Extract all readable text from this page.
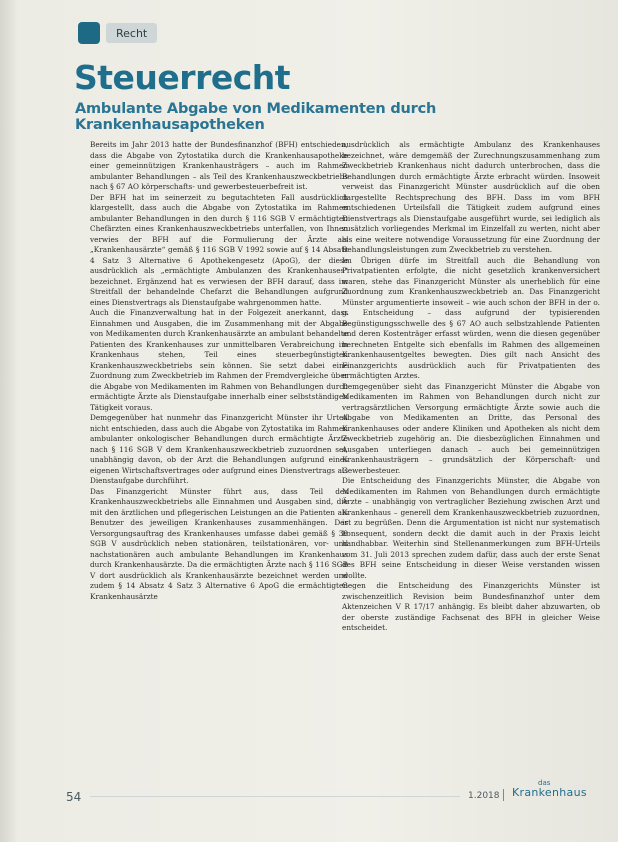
Recht
Steuerrecht
Ambulante Abgabe von Medikamenten durch Krankenhausapotheken

Bereits im Jahr 2013 hatte der Bundesfinanzhof (BFH) entschieden, dass die Abgabe von Zytostatika durch die Krankenhausapotheke einer gemeinnützigen Krankenhausträgers – auch im Rahmen ambulanter Behandlungen – als Teil des Krankenhauszweckbetriebs nach § 67 AO körperschafts- und gewerbesteuerbefreit ist.

Der BFH hat im seinerzeit zu begutachteten Fall ausdrücklich klargestellt, dass auch die Abgabe von Zytostatika im Rahmen ambulanter Behandlungen in den durch § 116 SGB V ermächtigten Chefärzten eines Krankenhauszweckbetriebs unterfallen, von Ihnen verwies der BFH auf die Formulierung der Ärzte als „Krankenhausärzte“ gemäß § 116 SGB V 1992 sowie auf § 14 Absatz 4 Satz 3 Alternative 6 Apothekengesetz (ApoG), der diese ausdrücklich als „ermächtigte Ambulanzen des Krankenhauses“ bezeichnet. Ergänzend hat es verwiesen der BFH darauf, dass im Streitfall der behandelnde Chefarzt die Behandlungen aufgrund eines Dienstvertrags als Dienstaufgabe wahrgenommen hatte.

Auch die Finanzverwaltung hat in der Folgezeit anerkannt, dass Einnahmen und Ausgaben, die im Zusammenhang mit der Abgabe von Medikamenten durch Krankenhausärzte an ambulant behandelte Patienten des Krankenhauses zur unmittelbaren Verabreichung im Krankenhaus stehen, Teil eines steuerbegünstigten Krankenhauszweckbetriebs sein können. Sie setzt dabei eine Zuordnung zum Zweckbetrieb im Rahmen der Fremdvergleiche über die Abgabe von Medikamenten im Rahmen von Behandlungen durch ermächtigte Ärzte als Dienstaufgabe innerhalb einer selbstständigen Tätigkeit voraus.

Demgegenüber hat nunmehr das Finanzgericht Münster ihr Urteil nicht entschieden, dass auch die Abgabe von Zytostatika im Rahmen ambulanter onkologischer Behandlungen durch ermächtigte Ärzte nach § 116 SGB V dem Krankenhauszweckbetrieb zuzuordnen sei, unabhängig davon, ob der Arzt die Behandlungen aufgrund eines eigenen Wirtschaftsvertrages oder aufgrund eines Dienstvertrags als Dienstaufgabe durchführt.

Das Finanzgericht Münster führt aus, dass Teil des Krankenhauszweckbetriebs alle Einnahmen und Ausgaben sind, die mit den ärztlichen und pflegerischen Leistungen an die Patienten als Benutzer des jeweiligen Krankenhauses zusammenhängen. Der Versorgungsauftrag des Krankenhauses umfasse dabei gemäß § 39 SGB V ausdrücklich neben stationären, teilstationären, vor- und nachstationären auch ambulante Behandlungen im Krankenhaus durch Krankenhausärzte. Da die ermächtigten Ärzte nach § 116 SGB V dort ausdrücklich als Krankenhausärzte bezeichnet werden und zudem § 14 Absatz 4 Satz 3 Alternative 6 ApoG die ermächtigten Krankenhausärzte

ausdrücklich als ermächtigte Ambulanz des Krankenhauses bezeichnet, wäre demgemäß der Zurechnungszusammenhang zum Zweckbetrieb Krankenhaus nicht dadurch unterbrochen, dass die Behandlungen durch ermächtigte Ärzte erbracht würden. Insoweit verweist das Finanzgericht Münster ausdrücklich auf die oben dargestellte Rechtsprechung des BFH. Dass im vom BFH entschiedenen Urteilsfall die Tätigkeit zudem aufgrund eines Dienstvertrags als Dienstaufgabe ausgeführt wurde, sei lediglich als zusätzlich vorliegendes Merkmal im Einzelfall zu werten, nicht aber als eine weitere notwendige Voraussetzung für eine Zuordnung der Behandlungsleistungen zum Zweckbetrieb zu verstehen.

Im Übrigen dürfe im Streitfall auch die Behandlung von Privatpatienten erfolgte, die nicht gesetzlich krankenversichert waren, stehe das Finanzgericht Münster als unerheblich für eine Zuordnung zum Krankenhauszweckbetrieb an. Das Finanzgericht Münster argumentierte insoweit – wie auch schon der BFH in der o. g. Entscheidung – dass aufgrund der typisierenden Begünstigungsschwelle des § 67 AO auch selbstzahlende Patienten und deren Kostenträger erfasst würden, wenn die diesen gegenüber berechneten Entgelte sich ebenfalls im Rahmen des allgemeinen Krankenhausentgeltes bewegten. Dies gilt nach Ansicht des Finanzgerichts ausdrücklich auch für Privatpatienten des ermächtigten Arztes.

Demgegenüber sieht das Finanzgericht Münster die Abgabe von Medikamenten im Rahmen von Behandlungen durch nicht zur vertragsärztlichen Versorgung ermächtigte Ärzte sowie auch die Abgabe von Medikamenten an Dritte, das Personal des Krankenhauses oder andere Kliniken und Apotheken als nicht dem Zweckbetrieb zugehörig an. Die diesbezüglichen Einnahmen und Ausgaben unterliegen danach – auch bei gemeinnützigen Krankenhausträgern – grundsätzlich der Körperschaft- und Gewerbesteuer.

Die Entscheidung des Finanzgerichts Münster, die Abgabe von Medikamenten im Rahmen von Behandlungen durch ermächtigte Ärzte – unabhängig von vertraglicher Beziehung zwischen Arzt und Krankenhaus – generell dem Krankenhauszweckbetrieb zuzuordnen, ist zu begrüßen. Denn die Argumentation ist nicht nur systematisch konsequent, sondern deckt die damit auch in der Praxis leicht handhabbar. Weiterhin sind Stellenanmerkungen zum BFH-Urteils vom 31. Juli 2013 sprechen zudem dafür, dass auch der erste Senat des BFH seine Entscheidung in dieser Weise verstanden wissen wollte.

Gegen die Entscheidung des Finanzgerichts Münster ist zwischenzeitlich Revision beim Bundesfinanzhof unter dem Aktenzeichen V R 17/17 anhängig. Es bleibt daher abzuwarten, ob der oberste zuständige Fachsenat des BFH in gleicher Weise entscheidet.

54	1.2018
das
Krankenhaus
